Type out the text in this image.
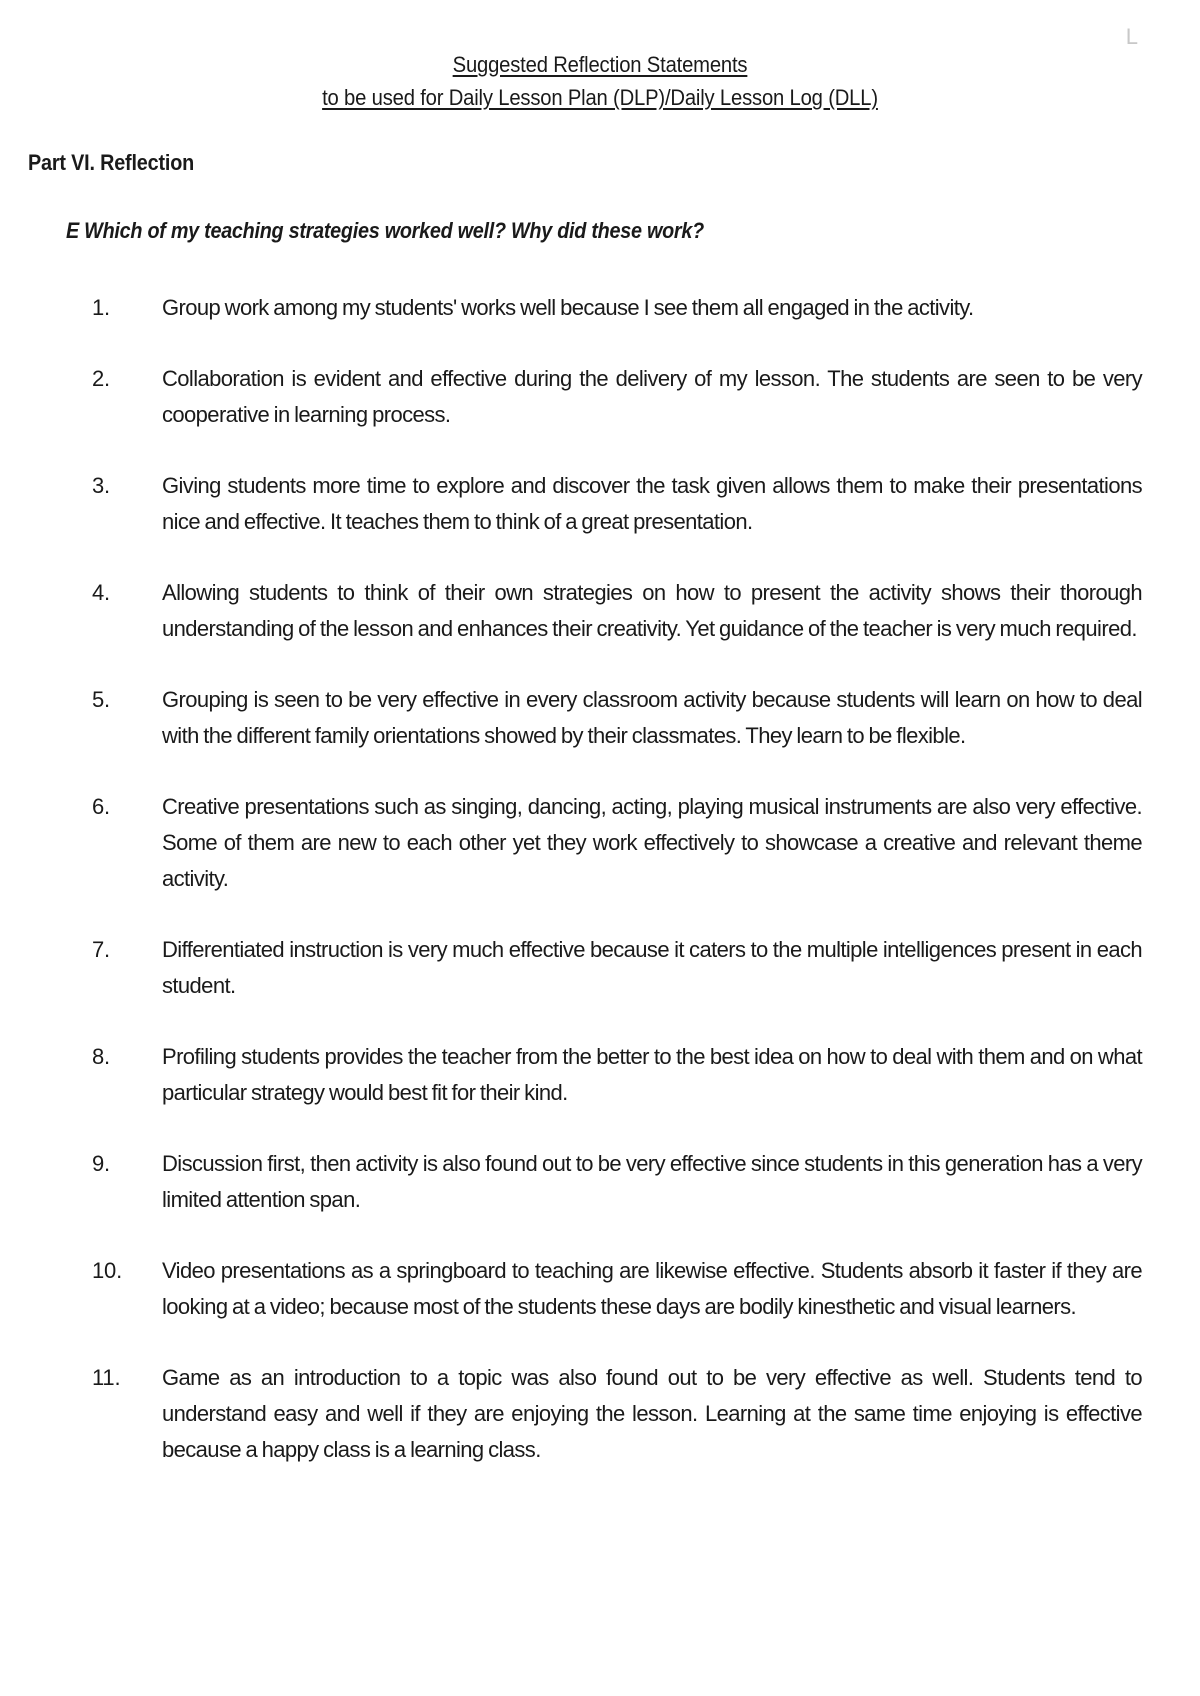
L
Suggested Reflection Statements
to be used for Daily Lesson Plan (DLP)/Daily Lesson Log (DLL)
Part VI. Reflection
E Which of my teaching strategies worked well? Why did these work?
1.	Group work among my students' works well because I see them all engaged in the activity.
2.	Collaboration is evident and effective during the delivery of my lesson. The students are seen to be very cooperative in learning process.
3.	Giving students more time to explore and discover the task given allows them to make their presentations nice and effective. It teaches them to think of a great presentation.
4.	Allowing students to think of their own strategies on how to present the activity shows their thorough understanding of the lesson and enhances their creativity. Yet guidance of the teacher is very much required.
5.	Grouping is seen to be very effective in every classroom activity because students will learn on how to deal with the different family orientations showed by their classmates. They learn to be flexible.
6.	Creative presentations such as singing, dancing, acting, playing musical instruments are also very effective. Some of them are new to each other yet they work effectively to showcase a creative and relevant theme activity.
7.	Differentiated instruction is very much effective because it caters to the multiple intelligences present in each student.
8.	Profiling students provides the teacher from the better to the best idea on how to deal with them and on what particular strategy would best fit for their kind.
9.	Discussion first, then activity is also found out to be very effective since students in this generation has a very limited attention span.
10.	Video presentations as a springboard to teaching are likewise effective. Students absorb it faster if they are looking at a video; because most of the students these days are bodily kinesthetic and visual learners.
11.	Game as an introduction to a topic was also found out to be very effective as well. Students tend to understand easy and well if they are enjoying the lesson. Learning at the same time enjoying is effective because a happy class is a learning class.
